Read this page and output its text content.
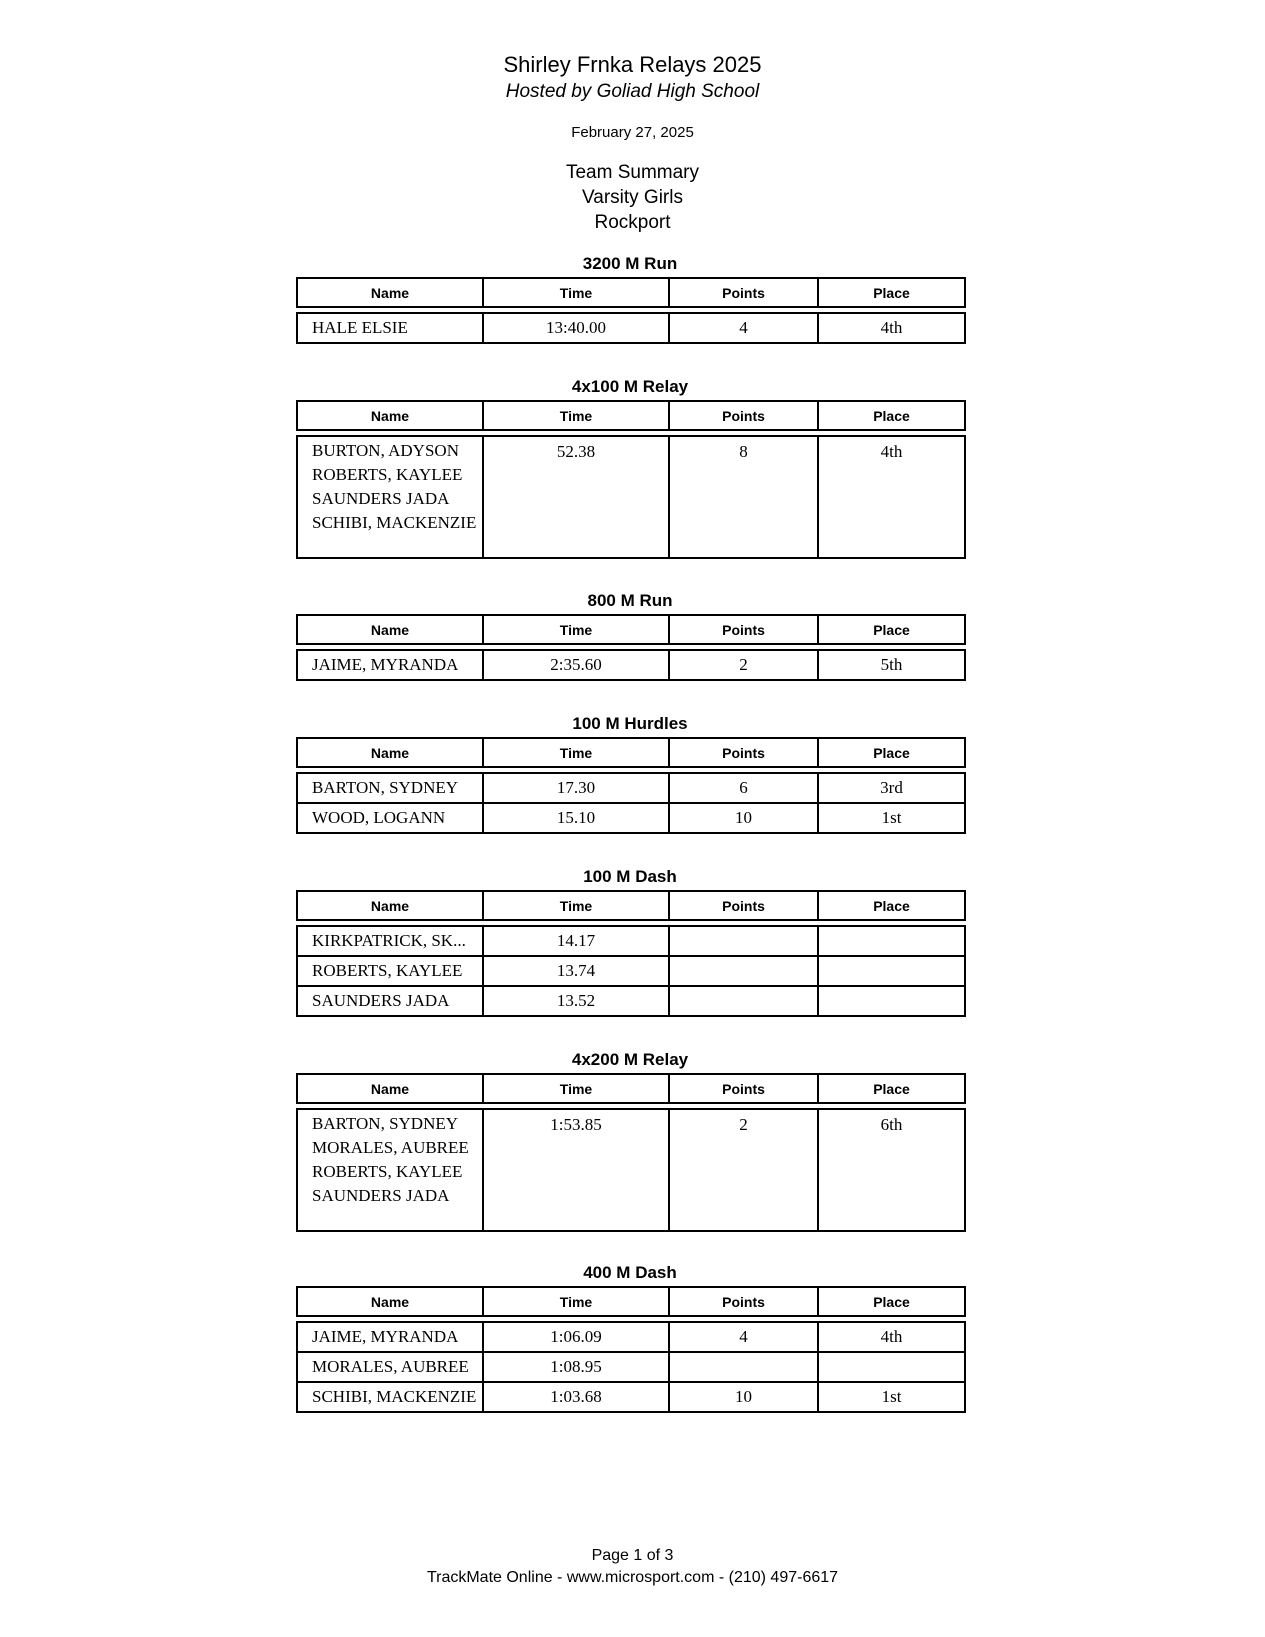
Shirley Frnka Relays 2025
Hosted by Goliad High School
February 27, 2025
Team Summary
Varsity Girls
Rockport
3200 M Run
Name	Time	Points	Place
HALE ELSIE	13:40.00	4	4th
4x100 M Relay
Name	Time	Points	Place
BURTON, ADYSON
ROBERTS, KAYLEE
SAUNDERS JADA
SCHIBI, MACKENZIE
	52.38	8	4th
800 M Run
Name	Time	Points	Place
JAIME, MYRANDA	2:35.60	2	5th
100 M Hurdles
Name	Time	Points	Place
BARTON, SYDNEY	17.30	6	3rd
WOOD, LOGANN	15.10	10	1st
100 M Dash
Name	Time	Points	Place
KIRKPATRICK, SK...	14.17		
ROBERTS, KAYLEE	13.74		
SAUNDERS JADA	13.52		
4x200 M Relay
Name	Time	Points	Place
BARTON, SYDNEY
MORALES, AUBREE
ROBERTS, KAYLEE
SAUNDERS JADA
	1:53.85	2	6th
400 M Dash
Name	Time	Points	Place
JAIME, MYRANDA	1:06.09	4	4th
MORALES, AUBREE	1:08.95		
SCHIBI, MACKENZIE	1:03.68	10	1st
Page 1 of 3
TrackMate Online - www.microsport.com - (210) 497-6617
